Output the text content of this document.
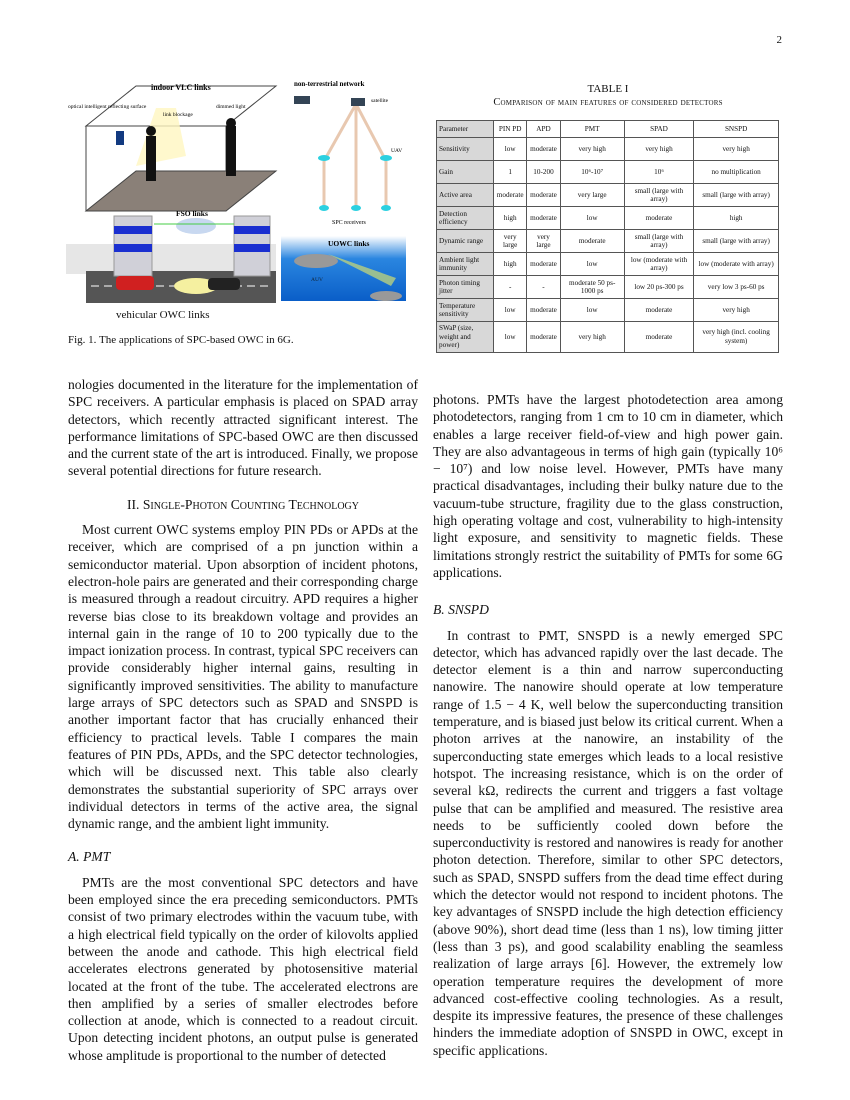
2
indoor VLC links
optical intelligent reflecting surface
link blockage
dimmed light
non-terrestrial network
satellite
UAV
SPC receivers
FSO links
vehicular OWC links
UOWC links
AUV
Fig. 1. The applications of SPC-based OWC in 6G.
TABLE I
Comparison of main features of considered detectors
Parameter	PIN PD	APD	PMT	SPAD	SNSPD
Sensitivity	low	moderate	very high	very high	very high
Gain	1	10-200	10⁶-10⁷	10⁶	no multiplication
Active area	moderate	moderate	very large	small (large with array)	small (large with array)
Detection efficiency	high	moderate	low	moderate	high
Dynamic range	very large	very large	moderate	small (large with array)	small (large with array)
Ambient light immunity	high	moderate	low	low (moderate with array)	low (moderate with array)
Photon timing jitter	-	-	moderate 50 ps-1000 ps	low 20 ps-300 ps	very low 3 ps-60 ps
Temperature sensitivity	low	moderate	low	moderate	very high
SWaP (size, weight and power)	low	moderate	very high	moderate	very high (incl. cooling system)

nologies documented in the literature for the implementation of SPC receivers. A particular emphasis is placed on SPAD array detectors, which recently attracted significant interest. The performance limitations of SPC-based OWC are then discussed and the current state of the art is introduced. Finally, we propose several potential directions for future research.

II. Single-Photon Counting Technology

Most current OWC systems employ PIN PDs or APDs at the receiver, which are comprised of a pn junction within a semiconductor material. Upon absorption of incident photons, electron-hole pairs are generated and their corresponding charge is measured through a readout circuitry. APD requires a higher reverse bias close to its breakdown voltage and provides an internal gain in the range of 10 to 200 typically due to the impact ionization process. In contrast, typical SPC receivers can provide considerably higher internal gains, resulting in significantly improved sensitivities. The ability to manufacture large arrays of SPC detectors such as SPAD and SNSPD is another important factor that has crucially enhanced their efficiency to practical levels. Table I compares the main features of PIN PDs, APDs, and the SPC detector technologies, which will be discussed next. This table also clearly demonstrates the substantial superiority of SPC arrays over individual detectors in terms of the active area, the signal dynamic range, and the ambient light immunity.

A. PMT

PMTs are the most conventional SPC detectors and have been employed since the era preceding semiconductors. PMTs consist of two primary electrodes within the vacuum tube, with a high electrical field typically on the order of kilovolts applied between the anode and cathode. This high electrical field accelerates electrons generated by photosensitive material located at the front of the tube. The accelerated electrons are then amplified by a series of smaller electrodes before collection at anode, which is connected to a readout circuit. Upon detecting incident photons, an output pulse is generated whose amplitude is proportional to the number of detected

photons. PMTs have the largest photodetection area among photodetectors, ranging from 1 cm to 10 cm in diameter, which enables a large receiver field-of-view and high power gain. They are also advantageous in terms of high gain (typically 10⁶ − 10⁷) and low noise level. However, PMTs have many practical disadvantages, including their bulky nature due to the vacuum-tube structure, fragility due to the glass construction, high operating voltage and cost, vulnerability to high-intensity light exposure, and sensitivity to magnetic fields. These limitations strongly restrict the suitability of PMTs for some 6G applications.

B. SNSPD

In contrast to PMT, SNSPD is a newly emerged SPC detector, which has advanced rapidly over the last decade. The detector element is a thin and narrow superconducting nanowire. The nanowire should operate at low temperature range of 1.5 − 4 K, well below the superconducting transition temperature, and is biased just below its critical current. When a photon arrives at the nanowire, an instability of the superconducting state emerges which leads to a local resistive hotspot. The increasing resistance, which is on the order of several kΩ, redirects the current and triggers a fast voltage pulse that can be amplified and measured. The resistive area needs to be sufficiently cooled down before the superconductivity is restored and nanowires is ready for another photon detection. Therefore, similar to other SPC detectors, such as SPAD, SNSPD suffers from the dead time effect during which the detector would not respond to incident photons. The key advantages of SNSPD include the high detection efficiency (above 90%), short dead time (less than 1 ns), low timing jitter (less than 3 ps), and good scalability enabling the seamless realization of large arrays [6]. However, the extremely low operation temperature requires the development of more advanced cost-effective cooling technologies. As a result, despite its impressive features, the presence of these challenges hinders the immediate adoption of SNSPD in OWC, except in specific applications.
